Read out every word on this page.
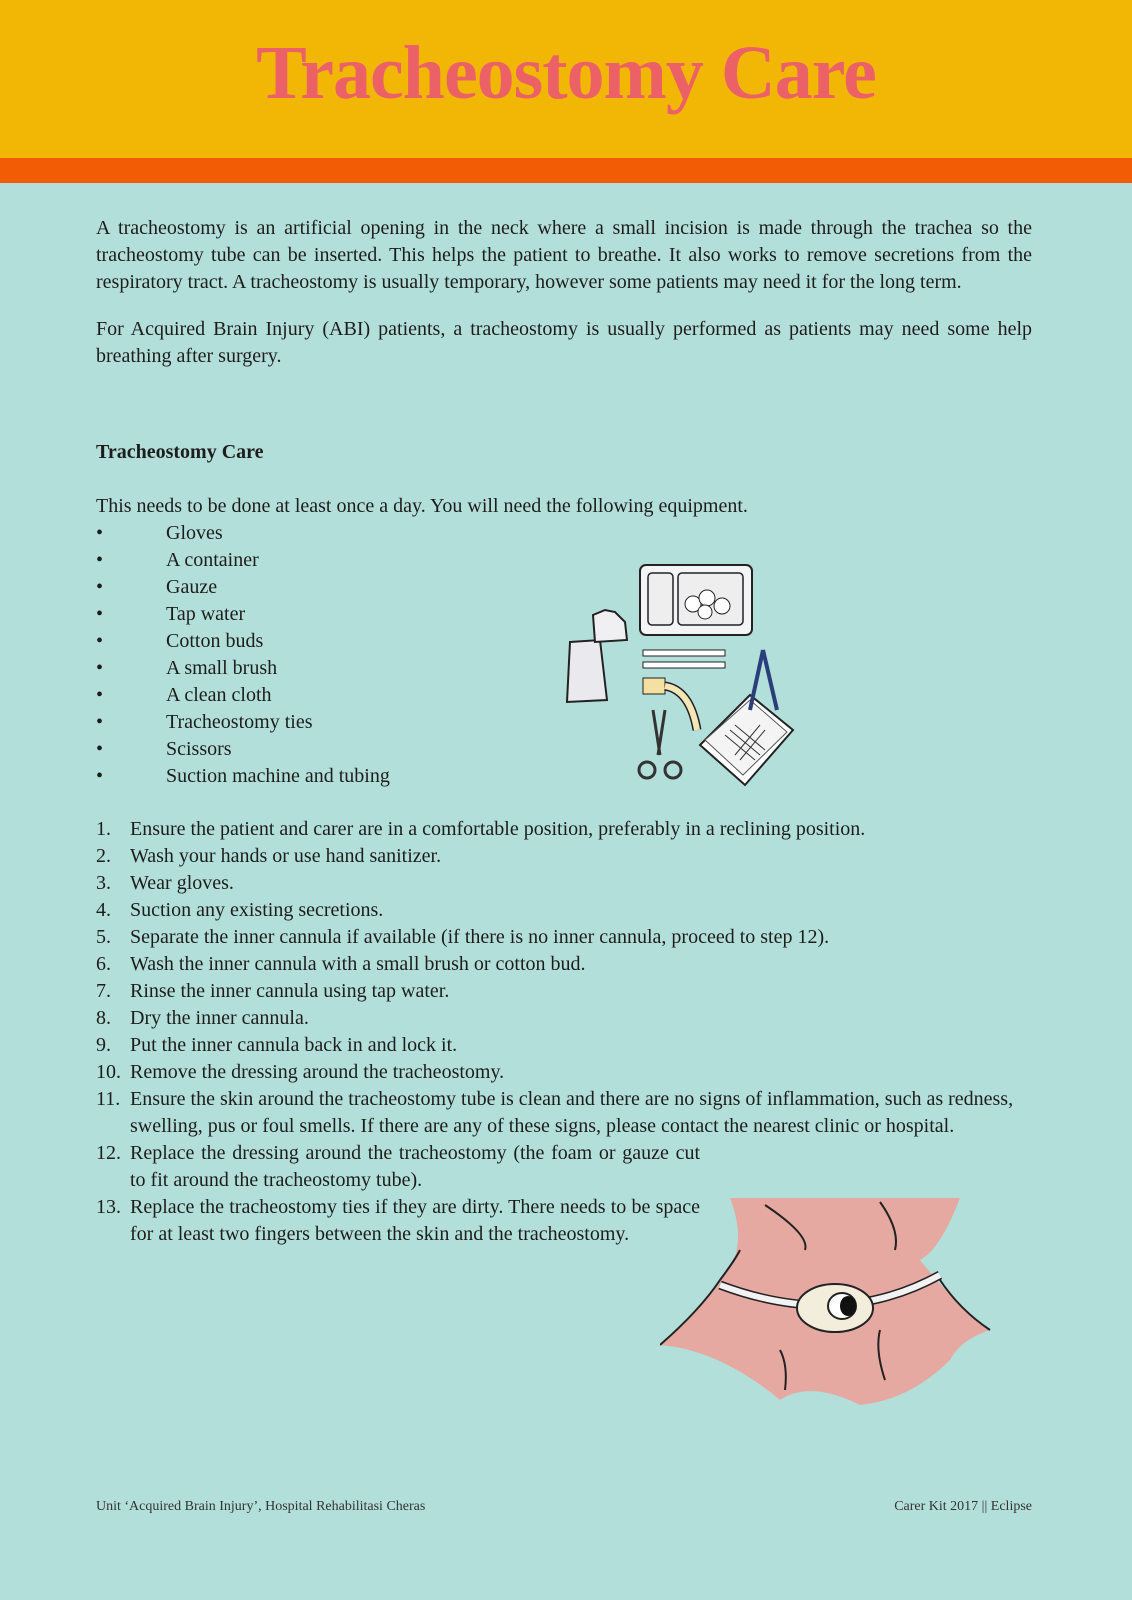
Tracheostomy Care

A tracheostomy is an artificial opening in the neck where a small incision is made through the trachea so the tracheostomy tube can be inserted. This helps the patient to breathe. It also works to remove secretions from the respiratory tract. A tracheostomy is usually temporary, however some patients may need it for the long term.

For Acquired Brain Injury (ABI) patients, a tracheostomy is usually performed as patients may need some help breathing after surgery.

Tracheostomy Care
This needs to be done at least once a day. You will need the following equipment.
• Gloves
• A container
• Gauze
• Tap water
• Cotton buds
• A small brush
• A clean cloth
• Tracheostomy ties
• Scissors
• Suction machine and tubing
1. Ensure the patient and carer are in a comfortable position, preferably in a reclining position.
2. Wash your hands or use hand sanitizer.
3. Wear gloves.
4. Suction any existing secretions.
5. Separate the inner cannula if available (if there is no inner cannula, proceed to step 12).
6. Wash the inner cannula with a small brush or cotton bud.
7. Rinse the inner cannula using tap water.
8. Dry the inner cannula.
9. Put the inner cannula back in and lock it.
10. Remove the dressing around the tracheostomy.
11. Ensure the skin around the tracheostomy tube is clean and there are no signs of inflammation, such as redness, swelling, pus or foul smells. If there are any of these signs, please contact the nearest clinic or hospital.
12. Replace the dressing around the tracheostomy (the foam or gauze cut to fit around the tracheostomy tube).
13. Replace the tracheostomy ties if they are dirty. There needs to be space for at least two fingers between the skin and the tracheostomy.
Unit ‘Acquired Brain Injury’, Hospital Rehabilitasi Cheras	Carer Kit 2017 || Eclipse
